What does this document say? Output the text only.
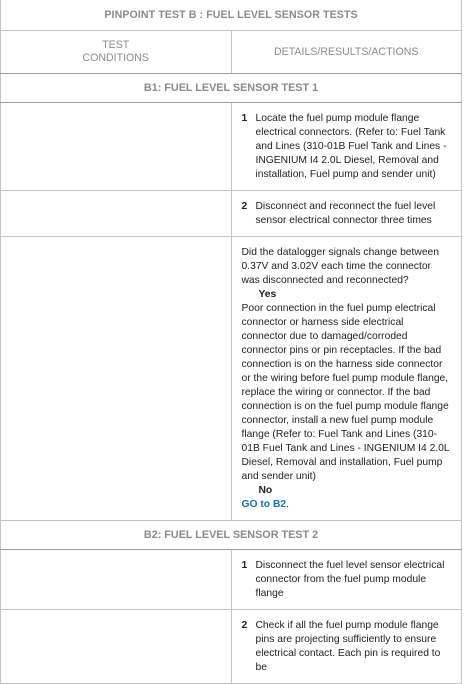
PINPOINT TEST B : FUEL LEVEL SENSOR TESTS	
TEST
CONDITIONS	DETAILS/RESULTS/ACTIONS
B1: FUEL LEVEL SENSOR TEST 1	

	1 Locate the fuel pump module flange electrical connectors. (Refer to: Fuel Tank and Lines (310-01B Fuel Tank and Lines - INGENIUM I4 2.0L Diesel, Removal and installation, Fuel pump and sender unit)

	2 Disconnect and reconnect the fuel level sensor electrical connector three times

	Did the datalogger signals change between 0.37V and 3.02V each time the connector was disconnected and reconnected?
Yes
Poor connection in the fuel pump electrical connector or harness side electrical connector due to damaged/corroded connector pins or pin receptacles. If the bad connection is on the harness side connector or the wiring before fuel pump module flange, replace the wiring or connector. If the bad connection is on the fuel pump module flange connector, install a new fuel pump module flange (Refer to: Fuel Tank and Lines (310-01B Fuel Tank and Lines - INGENIUM I4 2.0L Diesel, Removal and installation, Fuel pump and sender unit)
No
GO to B2.

B2: FUEL LEVEL SENSOR TEST 2	

	1 Disconnect the fuel level sensor electrical connector from the fuel pump module flange

	2 Check if all the fuel pump module flange pins are projecting sufficiently to ensure electrical contact. Each pin is required to be
